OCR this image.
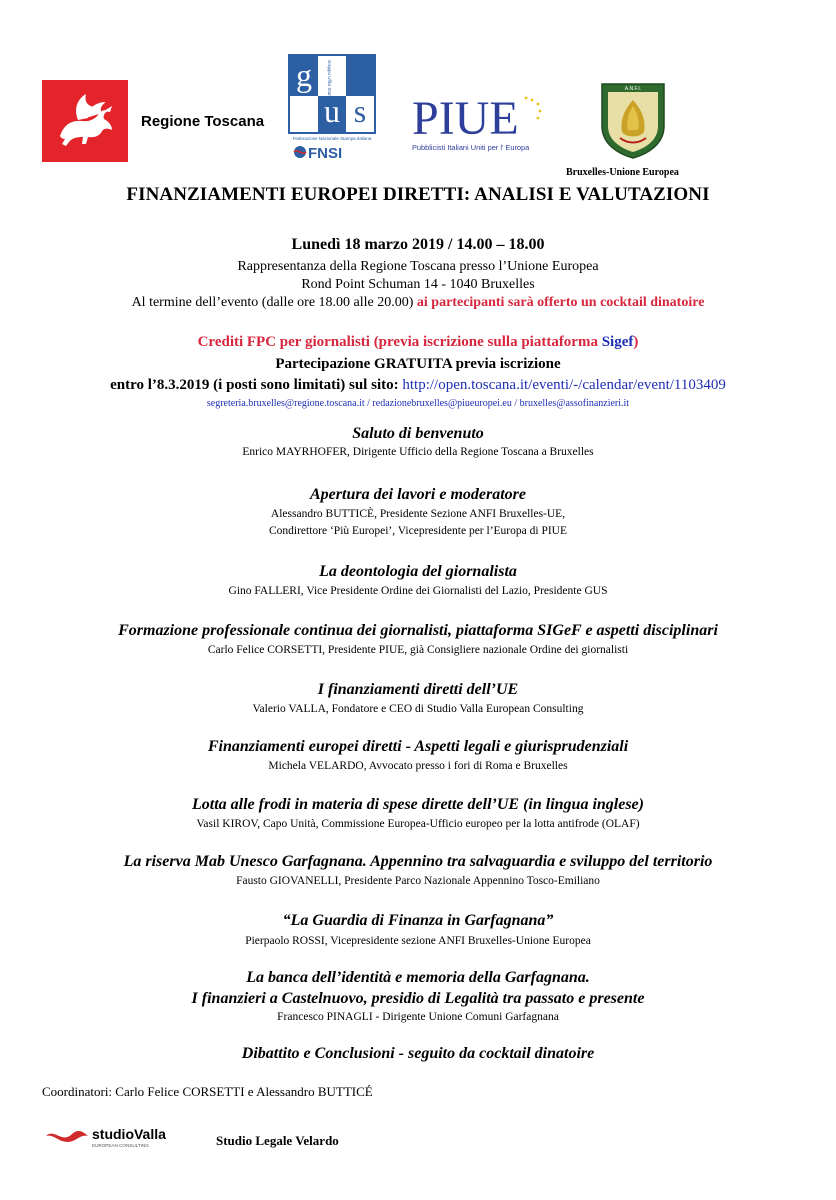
Regione Toscana
g
u s
Gruppo Uffici Stampa
Federazione Nazionale Stampa Italiana
FNSI
PIUE
Pubblicisti Italiani Uniti per l' Europa
A.N.F.I.
Bruxelles-Unione Europea
FINANZIAMENTI EUROPEI DIRETTI: ANALISI E VALUTAZIONI
Lunedì 18 marzo 2019 / 14.00 – 18.00
Rappresentanza della Regione Toscana presso l’Unione Europea
Rond Point Schuman 14 - 1040 Bruxelles
Al termine dell’evento (dalle ore 18.00 alle 20.00) ai partecipanti sarà offerto un cocktail dinatoire
Crediti FPC per giornalisti (previa iscrizione sulla piattaforma Sigef)
Partecipazione GRATUITA previa iscrizione
entro l’8.3.2019 (i posti sono limitati) sul sito: http://open.toscana.it/eventi/-/calendar/event/1103409
segreteria.bruxelles@regione.toscana.it / redazionebruxelles@piueuropei.eu / bruxelles@assofinanzieri.it
Saluto di benvenuto
Enrico MAYRHOFER, Dirigente Ufficio della Regione Toscana a Bruxelles
Apertura dei lavori e moderatore
Alessandro BUTTICÈ, Presidente Sezione ANFI Bruxelles-UE,
Condirettore ‘Più Europei’, Vicepresidente per l’Europa di PIUE
La deontologia del giornalista
Gino FALLERI, Vice Presidente Ordine dei Giornalisti del Lazio, Presidente GUS
Formazione professionale continua dei giornalisti, piattaforma SIGeF e aspetti disciplinari
Carlo Felice CORSETTI, Presidente PIUE, già Consigliere nazionale Ordine dei giornalisti
I finanziamenti diretti dell’UE
Valerio VALLA, Fondatore e CEO di Studio Valla European Consulting
Finanziamenti europei diretti - Aspetti legali e giurisprudenziali
Michela VELARDO, Avvocato presso i fori di Roma e Bruxelles
Lotta alle frodi in materia di spese dirette dell’UE (in lingua inglese)
Vasil KIROV, Capo Unità, Commissione Europea-Ufficio europeo per la lotta antifrode (OLAF)
La riserva Mab Unesco Garfagnana. Appennino tra salvaguardia e sviluppo del territorio
Fausto GIOVANELLI, Presidente Parco Nazionale Appennino Tosco-Emiliano
“La Guardia di Finanza in Garfagnana”
Pierpaolo ROSSI, Vicepresidente sezione ANFI Bruxelles-Unione Europea
La banca dell’identità e memoria della Garfagnana.
I finanzieri a Castelnuovo, presidio di Legalità tra passato e presente
Francesco PINAGLI - Dirigente Unione Comuni Garfagnana
Dibattito e Conclusioni - seguito da cocktail dinatoire
Coordinatori: Carlo Felice CORSETTI e Alessandro BUTTICÉ
studioValla
EUROPEAN CONSULTING	Studio Legale Velardo
